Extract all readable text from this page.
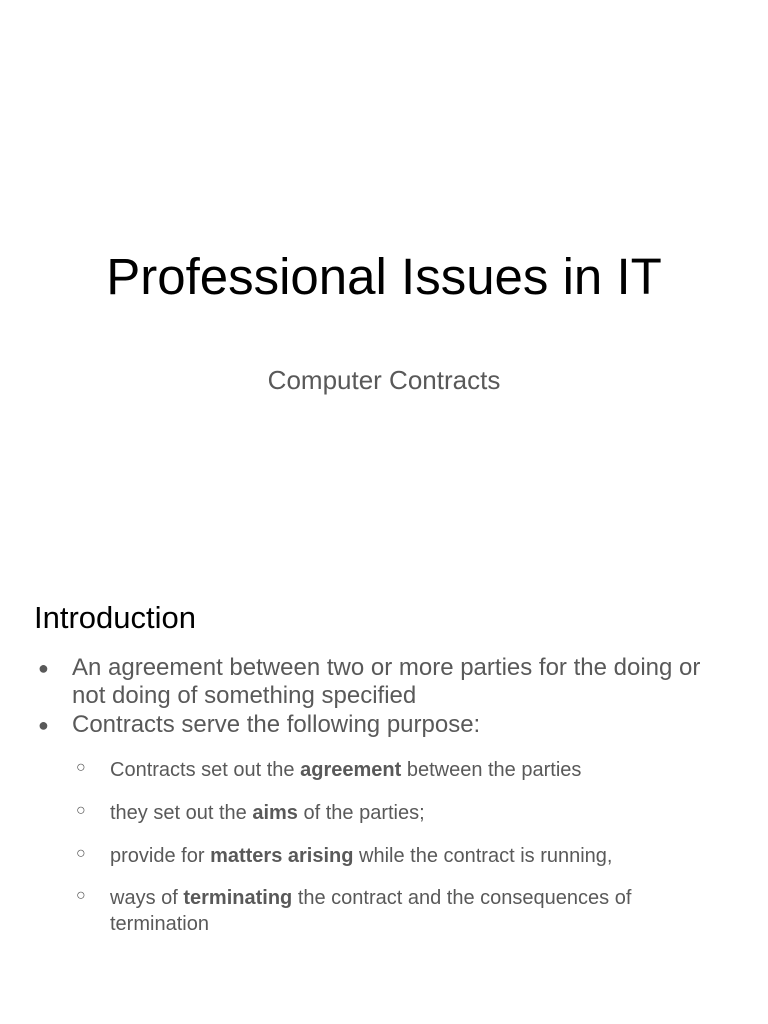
Professional Issues in IT
Computer Contracts
Introduction
● An agreement between two or more parties for the doing or not doing of something specified
● Contracts serve the following purpose:
○ Contracts set out the agreement between the parties
○ they set out the aims of the parties;
○ provide for matters arising while the contract is running,
○ ways of terminating the contract and the consequences of termination
